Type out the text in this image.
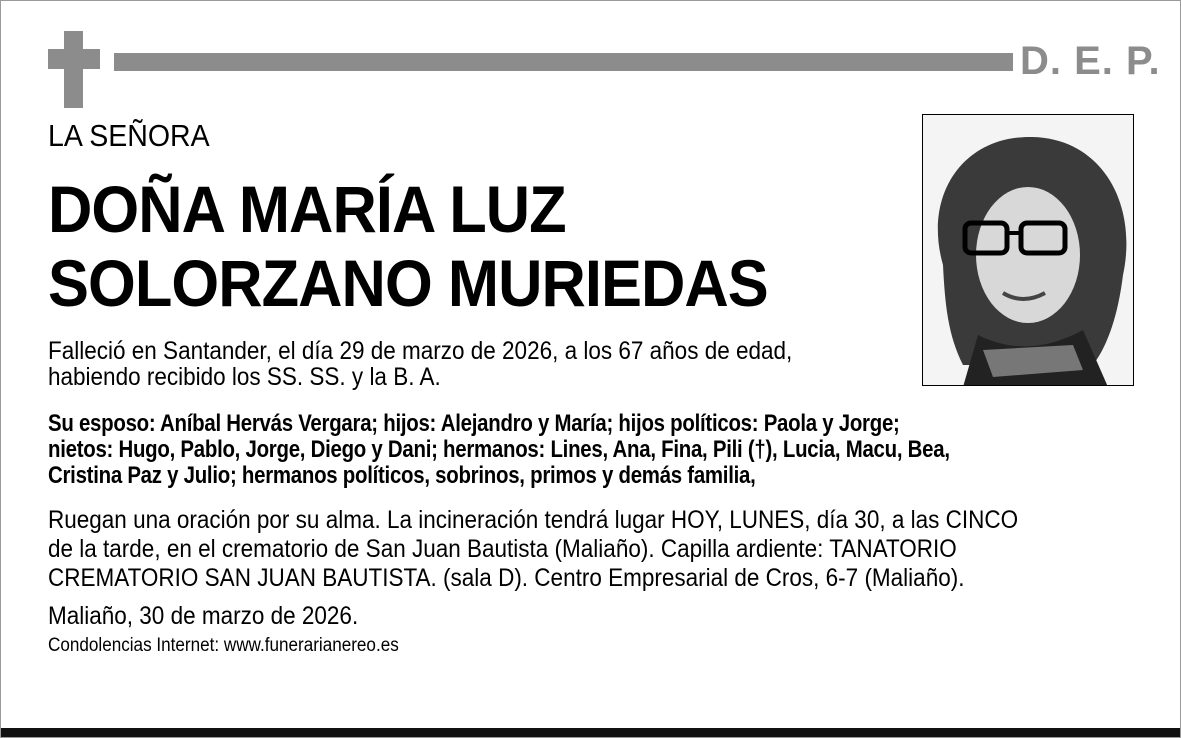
D. E. P.
LA SEÑORA
DOÑA MARÍA LUZ
SOLORZANO MURIEDAS
Falleció en Santander, el día 29 de marzo de 2026, a los 67 años de edad,
habiendo recibido los SS. SS. y la B. A.
Su esposo: Aníbal Hervás Vergara; hijos: Alejandro y María; hijos políticos: Paola y Jorge;
nietos: Hugo, Pablo, Jorge, Diego y Dani; hermanos: Lines, Ana, Fina, Pili (†), Lucia, Macu, Bea,
Cristina Paz y Julio; hermanos políticos, sobrinos, primos y demás familia,
Ruegan una oración por su alma. La incineración tendrá lugar HOY, LUNES, día 30, a las CINCO
de la tarde, en el crematorio de San Juan Bautista (Maliaño). Capilla ardiente: TANATORIO
CREMATORIO SAN JUAN BAUTISTA. (sala D). Centro Empresarial de Cros, 6-7 (Maliaño).
Maliaño, 30 de marzo de 2026.
Condolencias Internet: www.funerarianereo.es
